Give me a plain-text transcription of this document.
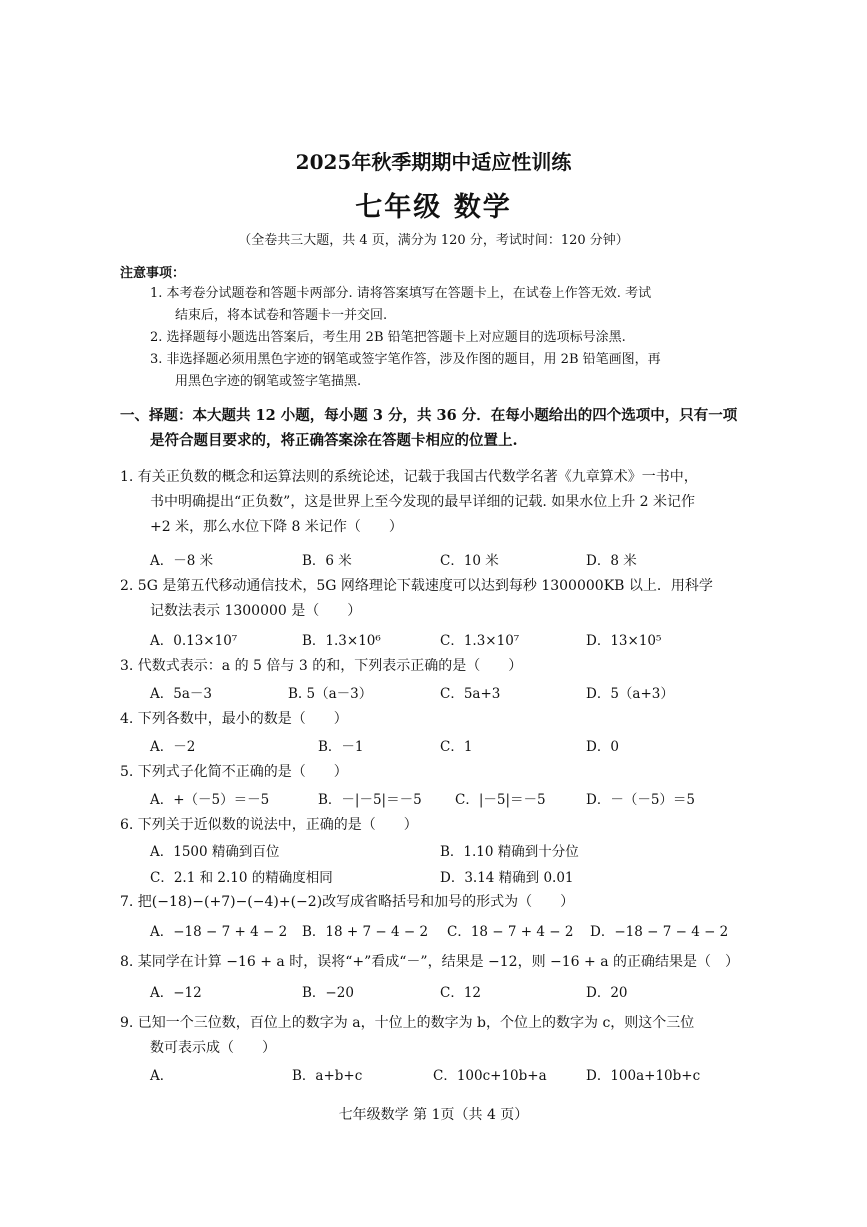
2025年秋季期期中适应性训练
七年级 数学
（全卷共三大题，共 4 页，满分为 120 分，考试时间：120 分钟）
注意事项：
1. 本考卷分试题卷和答题卡两部分. 请将答案填写在答题卡上，在试卷上作答无效. 考试
结束后，将本试卷和答题卡一并交回.
2. 选择题每小题选出答案后，考生用 2B 铅笔把答题卡上对应题目的选项标号涂黑.
3. 非选择题必须用黑色字迹的钢笔或签字笔作答，涉及作图的题目，用 2B 铅笔画图，再
用黑色字迹的钢笔或签字笔描黑.
一、择题：本大题共 12 小题，每小题 3 分，共 36 分．在每小题给出的四个选项中，只有一项
是符合题目要求的，将正确答案涂在答题卡相应的位置上.
1. 有关正负数的概念和运算法则的系统论述，记载于我国古代数学名著《九章算术》一书中，
书中明确提出“正负数”，这是世界上至今发现的最早详细的记载. 如果水位上升 2 米记作
+2 米，那么水位下降 8 米记作（　　）
A．－8 米	B．6 米	C．10 米	D．8 米
2. 5G 是第五代移动通信技术，5G 网络理论下载速度可以达到每秒 1300000KB 以上．用科学
记数法表示 1300000 是（　　）
A．0.13×10⁷	B．1.3×10⁶	C．1.3×10⁷	D．13×10⁵
3. 代数式表示：a 的 5 倍与 3 的和，下列表示正确的是（　　）
A．5a－3	B. 5（a－3）	C．5a+3	D．5（a+3）
4. 下列各数中，最小的数是（　　）
A．－2	B．－1	C．1	D．0
5. 下列式子化简不正确的是（　　）
A．+（－5）＝－5	B．－|－5|＝－5 C．|－5|＝－5	D．－（－5）＝5
6. 下列关于近似数的说法中，正确的是（　　）
A．1500 精确到百位	B．1.10 精确到十分位
C．2.1 和 2.10 的精确度相同	D．3.14 精确到 0.01
7. 把(−18)−(+7)−(−4)+(−2)改写成省略括号和加号的形式为（　　）
A．−18 − 7 + 4 − 2 B．18 + 7 − 4 − 2 C．18 − 7 + 4 − 2 D．−18 − 7 − 4 − 2
8. 某同学在计算 −16 + a 时，误将“+”看成“－”，结果是 −12，则 −16 + a 的正确结果是（　）
A．−12	B．−20	C．12	D．20
9. 已知一个三位数，百位上的数字为 a，十位上的数字为 b，个位上的数字为 c，则这个三位
数可表示成（　　）
A．	B．a+b+c	C．100c+10b+a	D．100a+10b+c
七年级数学 第 1页（共 4 页）
